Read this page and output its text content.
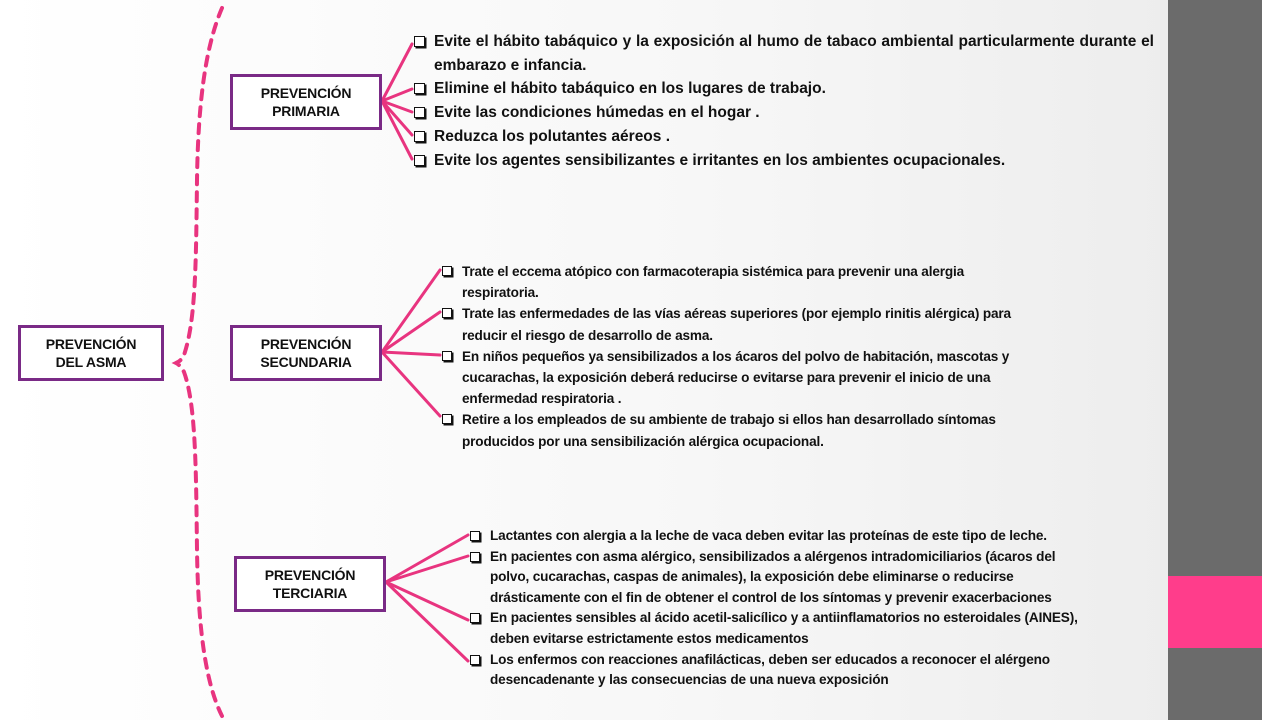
PREVENCIÓN
DEL ASMA
PREVENCIÓN
PRIMARIA
PREVENCIÓN
SECUNDARIA
PREVENCIÓN
TERCIARIA
Evite el hábito tabáquico y la exposición al humo de tabaco ambiental particularmente durante el embarazo e infancia.
Elimine el hábito tabáquico en los lugares de trabajo.
Evite las condiciones húmedas en el hogar .
Reduzca los polutantes aéreos .
Evite los agentes sensibilizantes e irritantes en los ambientes ocupacionales.
Trate el eccema atópico con farmacoterapia sistémica para prevenir una alergia respiratoria.
Trate las enfermedades de las vías aéreas superiores (por ejemplo rinitis alérgica) para reducir el riesgo de desarrollo de asma.
En niños pequeños ya sensibilizados a los ácaros del polvo de habitación, mascotas y cucarachas, la exposición deberá reducirse o evitarse para prevenir el inicio de una enfermedad respiratoria .
Retire a los empleados de su ambiente de trabajo si ellos han desarrollado síntomas producidos por una sensibilización alérgica ocupacional.
Lactantes con alergia a la leche de vaca deben evitar las proteínas de este tipo de leche.
En pacientes con asma alérgico, sensibilizados a alérgenos intradomiciliarios (ácaros del polvo, cucarachas, caspas de animales), la exposición debe eliminarse o reducirse drásticamente con el fin de obtener el control de los síntomas y prevenir exacerbaciones
En pacientes sensibles al ácido acetil-salicílico y a antiinflamatorios no esteroidales (AINES), deben evitarse estrictamente estos medicamentos
Los enfermos con reacciones anafilácticas, deben ser educados a reconocer el alérgeno desencadenante y las consecuencias de una nueva exposición
